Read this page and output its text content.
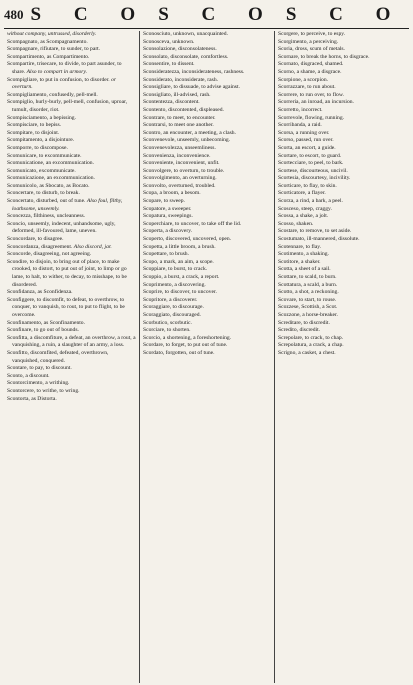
480 S C O S C O S C O

without company, untrussed, disorderly.

Scompagnato, as Scompagnamento.

Scompagnare, rifiutare, to sunder, to part.

Scompartimento, as Compartimento.

Scompartire, trisecare, to divide, to part asunder, to share. Also to compart in armory.

Scompigliare, to put in confusion, to disorder. or overturn.

Scompigliamento, confusedly, pell-mell.

Scompiglio, hurly-burly, pell-mell, confusion, uproar, tumult, disorder, riot.

Scompisciamento, a bepissing.

Scompisciare, to bepiss.

Scompitare, to disjoint.

Scompitamento, a disjointure.

Scomporre, to discompose.

Scomunicare, to excommunicate.

Scomunicatione, an excommunication.

Scomunicato, excommunicate.

Scomunicazione, an excommunication.

Scomunicolo, as Sbocato, as Bocato.

Sconcertare, to disturb, to break.

Sconcertato, disturbed, out of tune. Also foul, filthy, loathsome, unseemly.

Sconcezza, filthiness, uncleanness.

Sconcio, unseemly, indecent, unhandsome, ugly, deformed, ill-favoured, lame, uneven.

Sconcordare, to disagree.

Sconcordanza, disagreement. Also discord, jar.

Sconcorde, disagreeing, not agreeing.

Scondire, to disjoin, to bring out of place, to make crooked, to distort, to put out of joint, to limp or go lame, to halt, to wither, to decay, to misshape, to be disordered.

Sconfidanza, as Sconfidenza.

Sconfiggere, to discomfit, to defeat, to overthrow, to conquer, to vanquish, to rout, to put to flight, to be overcome.

Sconfinamento, as Sconfinamento.

Sconfinare, to go out of bounds.

Sconfitta, a discomfiture, a defeat, an overthrow, a rout, a vanquishing, a ruin, a slaughter of an army, a loss.

Sconfitto, discomfited, defeated, overthrown, vanquished, conquered.

Scontare, to pay, to discount.

Sconto, a discount.

Scontorcimento, a writhing.

Scontorcere, to writhe, to wring.

Scontorta, as Distorta.

Sconosciuto, unknown, unacquainted.

Sconosceva, unknown.

Sconsolazione, disconsolateness.

Sconsolato, disconsolate, comfortless.

Sconsentire, to dissent.

Sconsideratezza, inconsiderateness, rashness.

Sconsiderato, inconsiderate, rash.

Sconsigliare, to dissuade, to advise against.

Sconsigliato, ill-advised, rash.

Scontentezza, discontent.

Scontento, discontented, displeased.

Scontrare, to meet, to encounter.

Scontrarsi, to meet one another.

Scontro, an encounter, a meeting, a clash.

Sconvenevole, unseemly, unbecoming.

Sconvenevolezza, unseemliness.

Sconvenienza, inconvenience.

Sconveniente, inconvenient, unfit.

Sconvolgere, to overturn, to trouble.

Sconvolgimento, an overturning.

Sconvolto, overturned, troubled.

Scopa, a broom, a besom.

Scopare, to sweep.

Scopatore, a sweeper.

Scopatura, sweepings.

Scoperchiare, to uncover, to take off the lid.

Scoperta, a discovery.

Scoperto, discovered, uncovered, open.

Scopetta, a little broom, a brush.

Scopettare, to brush.

Scopo, a mark, an aim, a scope.

Scoppiare, to burst, to crack.

Scoppio, a burst, a crack, a report.

Scoprimento, a discovering.

Scoprire, to discover, to uncover.

Scopritore, a discoverer.

Scoraggiare, to discourage.

Scoraggiato, discouraged.

Scorbutico, scorbutic.

Scorciare, to shorten.

Scorcio, a shortening, a foreshortening.

Scordare, to forget, to put out of tune.

Scordato, forgotten, out of tune.

Scorgere, to perceive, to espy.

Scorgimento, a perceiving.

Scoria, dross, scum of metals.

Scornare, to break the horns, to disgrace.

Scornato, disgraced, shamed.

Scorno, a shame, a disgrace.

Scorpione, a scorpion.

Scorrazzare, to run about.

Scorrere, to run over, to flow.

Scorreria, an inroad, an incursion.

Scorretto, incorrect.

Scorrevole, flowing, running.

Scorribanda, a raid.

Scorsa, a running over.

Scorso, passed, run over.

Scorta, an escort, a guide.

Scortare, to escort, to guard.

Scortecciare, to peel, to bark.

Scortese, discourteous, uncivil.

Scortesia, discourtesy, incivility.

Scorticare, to flay, to skin.

Scorticatore, a flayer.

Scorza, a rind, a bark, a peel.

Scosceso, steep, craggy.

Scossa, a shake, a jolt.

Scosso, shaken.

Scostare, to remove, to set aside.

Scostumato, ill-mannered, dissolute.

Scotennare, to flay.

Scotimento, a shaking.

Scotitore, a shaker.

Scotta, a sheet of a sail.

Scottare, to scald, to burn.

Scottatura, a scald, a burn.

Scotto, a shot, a reckoning.

Scovare, to start, to rouse.

Scozzese, Scottish, a Scot.

Scozzone, a horse-breaker.

Screditare, to discredit.

Scredito, discredit.

Screpolare, to crack, to chap.

Screpolatura, a crack, a chap.

Scrigno, a casket, a chest.
